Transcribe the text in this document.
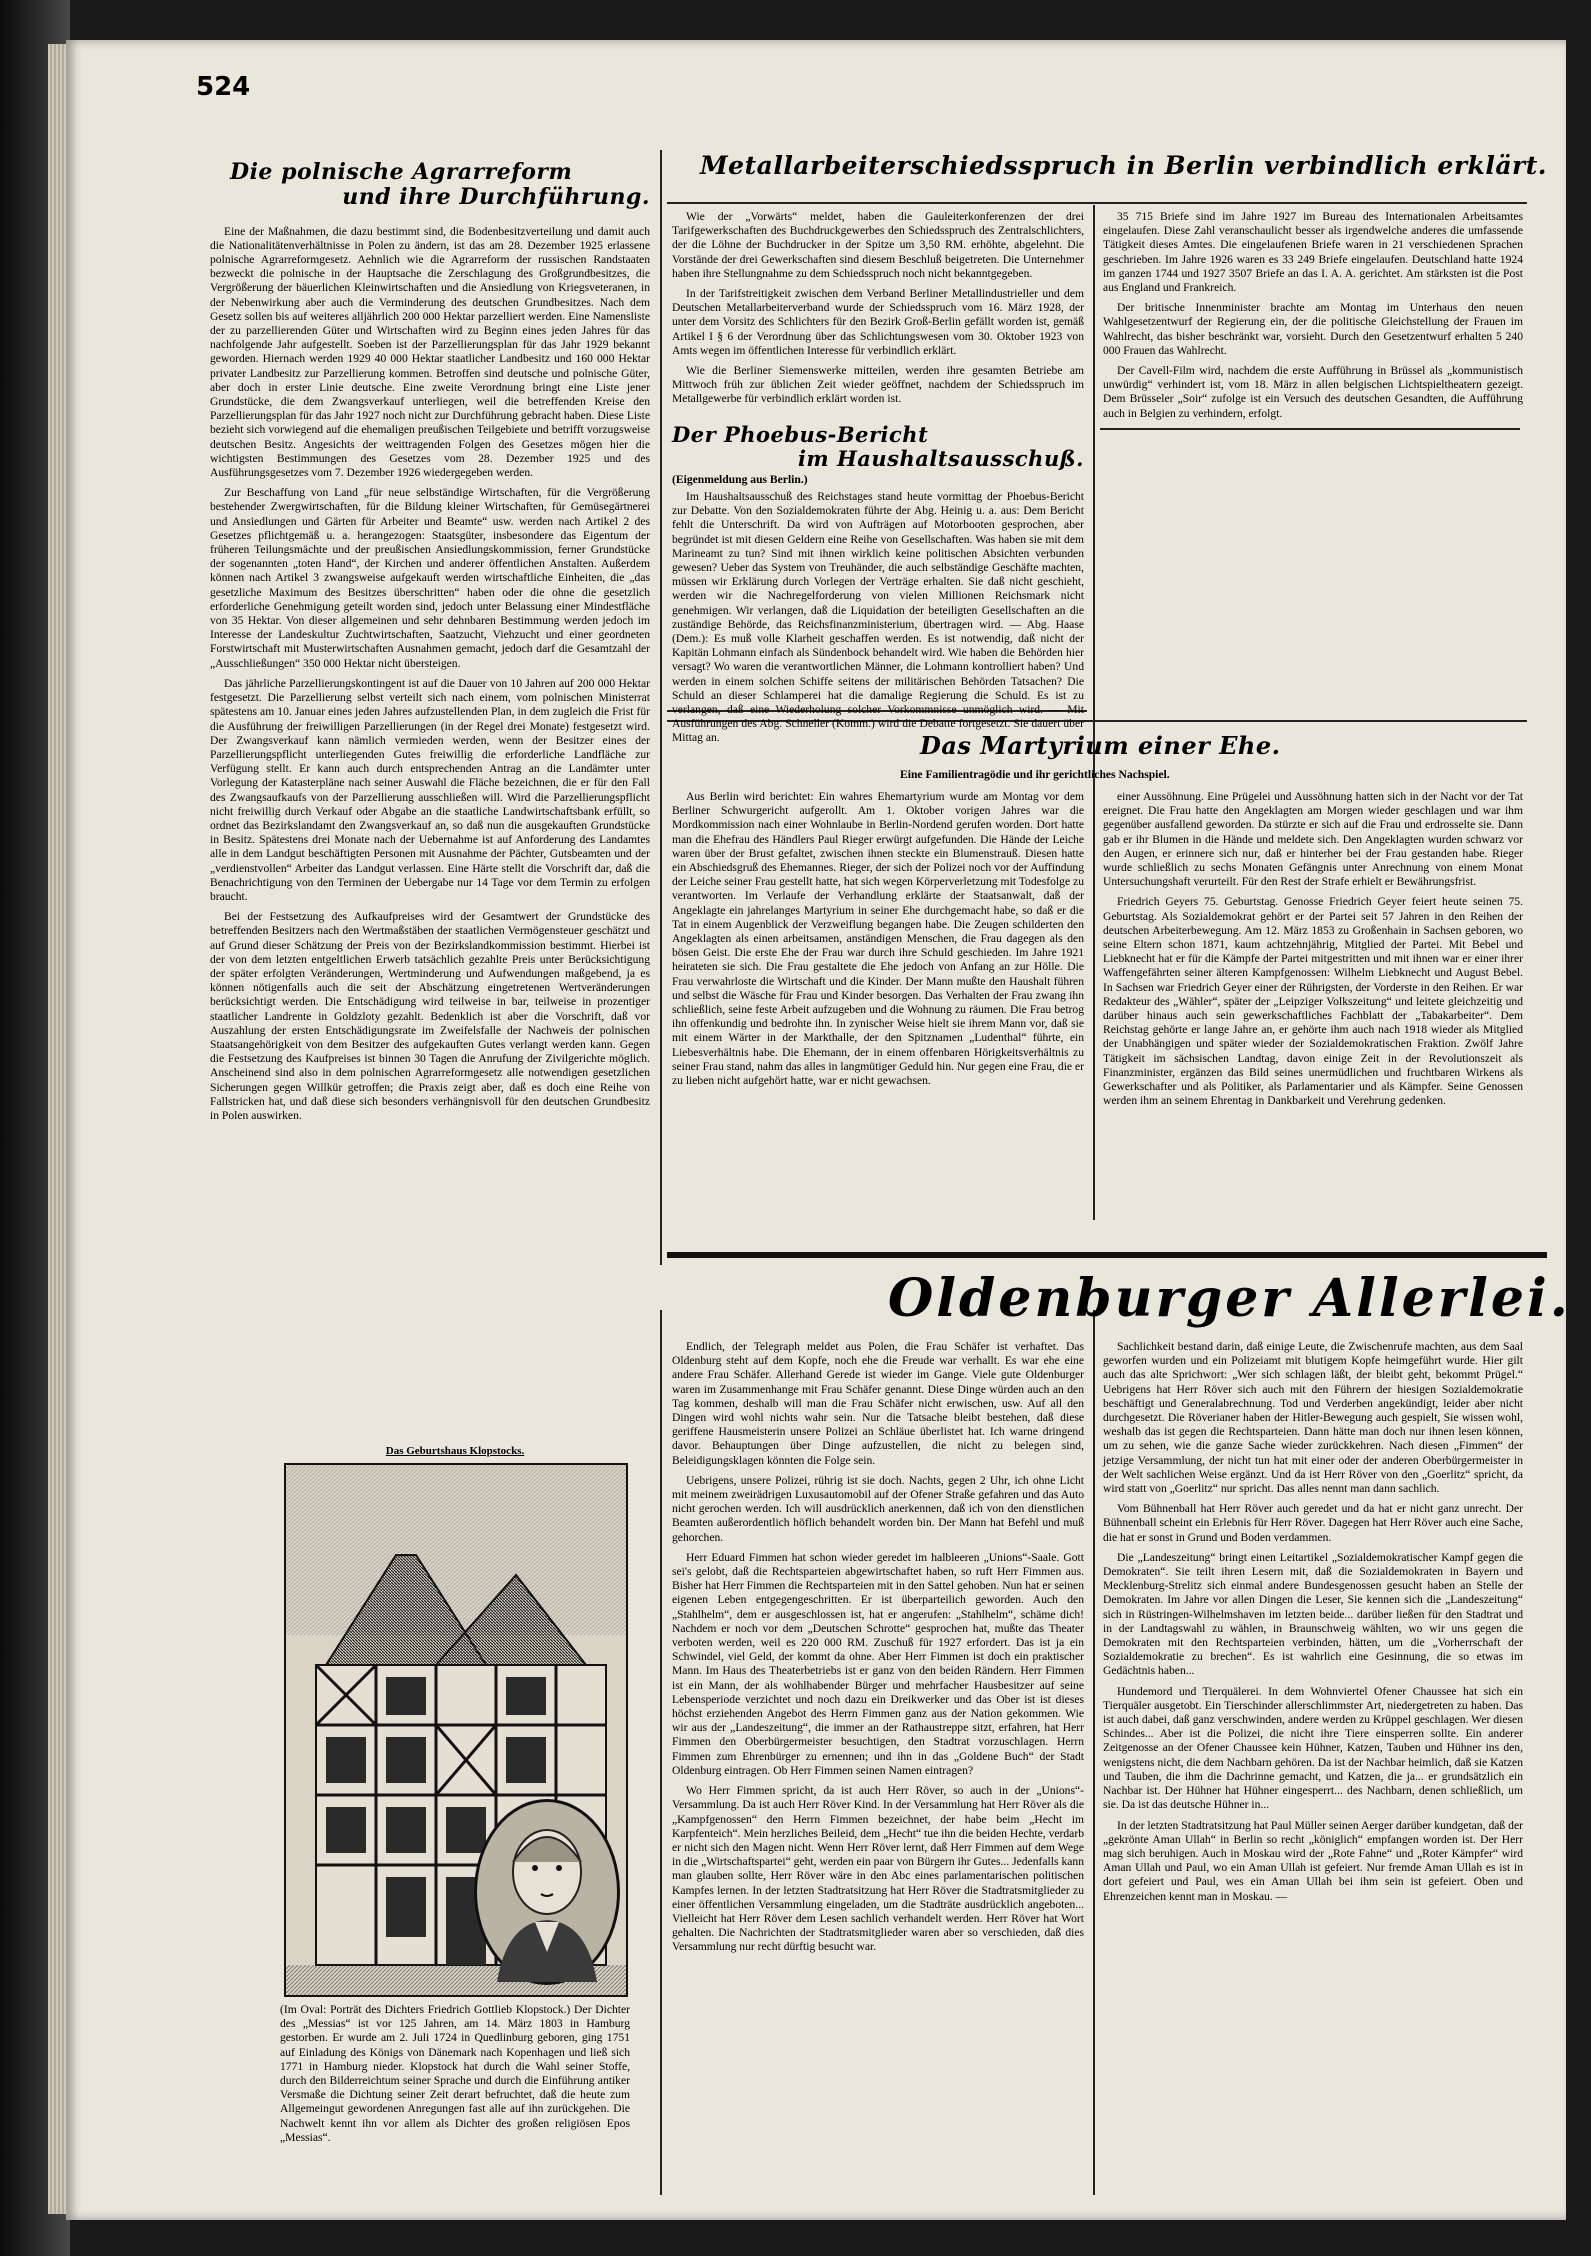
524
Die polnische Agrarreform
und ihre Durchführung.

Eine der Maßnahmen, die dazu bestimmt sind, die Bodenbesitzverteilung und damit auch die Nationalitätenverhältnisse in Polen zu ändern, ist das am 28. Dezember 1925 erlassene polnische Agrarreformgesetz. Aehnlich wie die Agrarreform der russischen Randstaaten bezweckt die polnische in der Hauptsache die Zerschlagung des Großgrundbesitzes, die Vergrößerung der bäuerlichen Kleinwirtschaften und die Ansiedlung von Kriegsveteranen, in der Nebenwirkung aber auch die Verminderung des deutschen Grundbesitzes. Nach dem Gesetz sollen bis auf weiteres alljährlich 200 000 Hektar parzelliert werden. Eine Namensliste der zu parzellierenden Güter und Wirtschaften wird zu Beginn eines jeden Jahres für das nachfolgende Jahr aufgestellt. Soeben ist der Parzellierungsplan für das Jahr 1929 bekannt geworden. Hiernach werden 1929 40 000 Hektar staatlicher Landbesitz und 160 000 Hektar privater Landbesitz zur Parzellierung kommen. Betroffen sind deutsche und polnische Güter, aber doch in erster Linie deutsche. Eine zweite Verordnung bringt eine Liste jener Grundstücke, die dem Zwangsverkauf unterliegen, weil die betreffenden Kreise den Parzellierungsplan für das Jahr 1927 noch nicht zur Durchführung gebracht haben. Diese Liste bezieht sich vorwiegend auf die ehemaligen preußischen Teilgebiete und betrifft vorzugsweise deutschen Besitz. Angesichts der weittragenden Folgen des Gesetzes mögen hier die wichtigsten Bestimmungen des Gesetzes vom 28. Dezember 1925 und des Ausführungsgesetzes vom 7. Dezember 1926 wiedergegeben werden.

Zur Beschaffung von Land „für neue selbständige Wirtschaften, für die Vergrößerung bestehender Zwergwirtschaften, für die Bildung kleiner Wirtschaften, für Gemüsegärtnerei und Ansiedlungen und Gärten für Arbeiter und Beamte“ usw. werden nach Artikel 2 des Gesetzes pflichtgemäß u. a. herangezogen: Staatsgüter, insbesondere das Eigentum der früheren Teilungsmächte und der preußischen Ansiedlungskommission, ferner Grundstücke der sogenannten „toten Hand“, der Kirchen und anderer öffentlichen Anstalten. Außerdem können nach Artikel 3 zwangsweise aufgekauft werden wirtschaftliche Einheiten, die „das gesetzliche Maximum des Besitzes überschritten“ haben oder die ohne die gesetzlich erforderliche Genehmigung geteilt worden sind, jedoch unter Belassung einer Mindestfläche von 35 Hektar. Von dieser allgemeinen und sehr dehnbaren Bestimmung werden jedoch im Interesse der Landeskultur Zuchtwirtschaften, Saatzucht, Viehzucht und einer geordneten Forstwirtschaft mit Musterwirtschaften Ausnahmen gemacht, jedoch darf die Gesamtzahl der „Ausschließungen“ 350 000 Hektar nicht übersteigen.

Das jährliche Parzellierungskontingent ist auf die Dauer von 10 Jahren auf 200 000 Hektar festgesetzt. Die Parzellierung selbst verteilt sich nach einem, vom polnischen Ministerrat spätestens am 10. Januar eines jeden Jahres aufzustellenden Plan, in dem zugleich die Frist für die Ausführung der freiwilligen Parzellierungen (in der Regel drei Monate) festgesetzt wird. Der Zwangsverkauf kann nämlich vermieden werden, wenn der Besitzer eines der Parzellierungspflicht unterliegenden Gutes freiwillig die erforderliche Landfläche zur Verfügung stellt. Er kann auch durch entsprechenden Antrag an die Landämter unter Vorlegung der Katasterpläne nach seiner Auswahl die Fläche bezeichnen, die er für den Fall des Zwangsaufkaufs von der Parzellierung ausschließen will. Wird die Parzellierungspflicht nicht freiwillig durch Verkauf oder Abgabe an die staatliche Landwirtschaftsbank erfüllt, so ordnet das Bezirkslandamt den Zwangsverkauf an, so daß nun die ausgekauften Grundstücke in Besitz. Spätestens drei Monate nach der Uebernahme ist auf Anforderung des Landamtes alle in dem Landgut beschäftigten Personen mit Ausnahme der Pächter, Gutsbeamten und der „verdienstvollen“ Arbeiter das Landgut verlassen. Eine Härte stellt die Vorschrift dar, daß die Benachrichtigung von den Terminen der Uebergabe nur 14 Tage vor dem Termin zu erfolgen braucht.

Bei der Festsetzung des Aufkaufpreises wird der Gesamtwert der Grundstücke des betreffenden Besitzers nach den Wertmaßstäben der staatlichen Vermögensteuer geschätzt und auf Grund dieser Schätzung der Preis von der Bezirkslandkommission bestimmt. Hierbei ist der von dem letzten entgeltlichen Erwerb tatsächlich gezahlte Preis unter Berücksichtigung der später erfolgten Veränderungen, Wertminderung und Aufwendungen maßgebend, ja es können nötigenfalls auch die seit der Abschätzung eingetretenen Wertveränderungen berücksichtigt werden. Die Entschädigung wird teilweise in bar, teilweise in prozentiger staatlicher Landrente in Goldzloty gezahlt. Bedenklich ist aber die Vorschrift, daß vor Auszahlung der ersten Entschädigungsrate im Zweifelsfalle der Nachweis der polnischen Staatsangehörigkeit von dem Besitzer des aufgekauften Gutes verlangt werden kann. Gegen die Festsetzung des Kaufpreises ist binnen 30 Tagen die Anrufung der Zivilgerichte möglich. Anscheinend sind also in dem polnischen Agrarreformgesetz alle notwendigen gesetzlichen Sicherungen gegen Willkür getroffen; die Praxis zeigt aber, daß es doch eine Reihe von Fallstricken hat, und daß diese sich besonders verhängnisvoll für den deutschen Grundbesitz in Polen auswirken.

Das Geburtshaus Klopstocks.

(Im Oval: Porträt des Dichters Friedrich Gottlieb Klopstock.) Der Dichter des „Messias“ ist vor 125 Jahren, am 14. März 1803 in Hamburg gestorben. Er wurde am 2. Juli 1724 in Quedlinburg geboren, ging 1751 auf Einladung des Königs von Dänemark nach Kopenhagen und ließ sich 1771 in Hamburg nieder. Klopstock hat durch die Wahl seiner Stoffe, durch den Bilderreichtum seiner Sprache und durch die Einführung antiker Versmaße die Dichtung seiner Zeit derart befruchtet, daß die heute zum Allgemeingut gewordenen Anregungen fast alle auf ihn zurückgehen. Die Nachwelt kennt ihn vor allem als Dichter des großen religiösen Epos „Messias“.

Metallarbeiterschiedsspruch in Berlin verbindlich erklärt.

Wie der „Vorwärts“ meldet, haben die Gauleiterkonferenzen der drei Tarifgewerkschaften des Buchdruckgewerbes den Schiedsspruch des Zentralschlichters, der die Löhne der Buchdrucker in der Spitze um 3,50 RM. erhöhte, abgelehnt. Die Vorstände der drei Gewerkschaften sind diesem Beschluß beigetreten. Die Unternehmer haben ihre Stellungnahme zu dem Schiedsspruch noch nicht bekanntgegeben.

In der Tarifstreitigkeit zwischen dem Verband Berliner Metallindustrieller und dem Deutschen Metallarbeiterverband wurde der Schiedsspruch vom 16. März 1928, der unter dem Vorsitz des Schlichters für den Bezirk Groß-Berlin gefällt worden ist, gemäß Artikel I § 6 der Verordnung über das Schlichtungswesen vom 30. Oktober 1923 von Amts wegen im öffentlichen Interesse für verbindlich erklärt.

Wie die Berliner Siemenswerke mitteilen, werden ihre gesamten Betriebe am Mittwoch früh zur üblichen Zeit wieder geöffnet, nachdem der Schiedsspruch im Metallgewerbe für verbindlich erklärt worden ist.

Der Phoebus-Bericht
im Haushaltsausschuß.

(Eigenmeldung aus Berlin.)

Im Haushaltsausschuß des Reichstages stand heute vormittag der Phoebus-Bericht zur Debatte. Von den Sozialdemokraten führte der Abg. Heinig u. a. aus: Dem Bericht fehlt die Unterschrift. Da wird von Aufträgen auf Motorbooten gesprochen, aber begründet ist mit diesen Geldern eine Reihe von Gesellschaften. Was haben sie mit dem Marineamt zu tun? Sind mit ihnen wirklich keine politischen Absichten verbunden gewesen? Ueber das System von Treuhänder, die auch selbständige Geschäfte machten, müssen wir Erklärung durch Vorlegen der Verträge erhalten. Sie daß nicht geschieht, werden wir die Nachregelforderung von vielen Millionen Reichsmark nicht genehmigen. Wir verlangen, daß die Liquidation der beteiligten Gesellschaften an die zuständige Behörde, das Reichsfinanzministerium, übertragen wird. — Abg. Haase (Dem.): Es muß volle Klarheit geschaffen werden. Es ist notwendig, daß nicht der Kapitän Lohmann einfach als Sündenbock behandelt wird. Wie haben die Behörden hier versagt? Wo waren die verantwortlichen Männer, die Lohmann kontrolliert haben? Und werden in einem solchen Schiffe seitens der militärischen Behörden Tatsachen? Die Schuld an dieser Schlamperei hat die damalige Regierung die Schuld. Es ist zu verlangen, daß eine Wiederholung solcher Vorkommnisse unmöglich wird. — Mit Ausführungen des Abg. Schneller (Komm.) wird die Debatte fortgesetzt. Sie dauert über Mittag an.

35 715 Briefe sind im Jahre 1927 im Bureau des Internationalen Arbeitsamtes eingelaufen. Diese Zahl veranschaulicht besser als irgendwelche anderes die umfassende Tätigkeit dieses Amtes. Die eingelaufenen Briefe waren in 21 verschiedenen Sprachen geschrieben. Im Jahre 1926 waren es 33 249 Briefe eingelaufen. Deutschland hatte 1924 im ganzen 1744 und 1927 3507 Briefe an das I. A. A. gerichtet. Am stärksten ist die Post aus England und Frankreich.

Der britische Innenminister brachte am Montag im Unterhaus den neuen Wahlgesetzentwurf der Regierung ein, der die politische Gleichstellung der Frauen im Wahlrecht, das bisher beschränkt war, vorsieht. Durch den Gesetzentwurf erhalten 5 240 000 Frauen das Wahlrecht.

Der Cavell-Film wird, nachdem die erste Aufführung in Brüssel als „kommunistisch unwürdig“ verhindert ist, vom 18. März in allen belgischen Lichtspieltheatern gezeigt. Dem Brüsseler „Soir“ zufolge ist ein Versuch des deutschen Gesandten, die Aufführung auch in Belgien zu verhindern, erfolgt.

Das Martyrium einer Ehe.

Eine Familientragödie und ihr gerichtliches Nachspiel.

Aus Berlin wird berichtet: Ein wahres Ehemartyrium wurde am Montag vor dem Berliner Schwurgericht aufgerollt. Am 1. Oktober vorigen Jahres war die Mordkommission nach einer Wohnlaube in Berlin-Nordend gerufen worden. Dort hatte man die Ehefrau des Händlers Paul Rieger erwürgt aufgefunden. Die Hände der Leiche waren über der Brust gefaltet, zwischen ihnen steckte ein Blumenstrauß. Diesen hatte ein Abschiedsgruß des Ehemannes. Rieger, der sich der Polizei noch vor der Auffindung der Leiche seiner Frau gestellt hatte, hat sich wegen Körperverletzung mit Todesfolge zu verantworten. Im Verlaufe der Verhandlung erklärte der Staatsanwalt, daß der Angeklagte ein jahrelanges Martyrium in seiner Ehe durchgemacht habe, so daß er die Tat in einem Augenblick der Verzweiflung begangen habe. Die Zeugen schilderten den Angeklagten als einen arbeitsamen, anständigen Menschen, die Frau dagegen als den bösen Geist. Die erste Ehe der Frau war durch ihre Schuld geschieden. Im Jahre 1921 heirateten sie sich. Die Frau gestaltete die Ehe jedoch von Anfang an zur Hölle. Die Frau verwahrloste die Wirtschaft und die Kinder. Der Mann mußte den Haushalt führen und selbst die Wäsche für Frau und Kinder besorgen. Das Verhalten der Frau zwang ihn schließlich, seine feste Arbeit aufzugeben und die Wohnung zu räumen. Die Frau betrog ihn offenkundig und bedrohte ihn. In zynischer Weise hielt sie ihrem Mann vor, daß sie mit einem Wärter in der Markthalle, der den Spitznamen „Ludenthal“ führte, ein Liebesverhältnis habe. Die Ehemann, der in einem offenbaren Hörigkeitsverhältnis zu seiner Frau stand, nahm das alles in langmütiger Geduld hin. Nur gegen eine Frau, die er zu lieben nicht aufgehört hatte, war er nicht gewachsen.

einer Aussöhnung. Eine Prügelei und Aussöhnung hatten sich in der Nacht vor der Tat ereignet. Die Frau hatte den Angeklagten am Morgen wieder geschlagen und war ihm gegenüber ausfallend geworden. Da stürzte er sich auf die Frau und erdrosselte sie. Dann gab er ihr Blumen in die Hände und meldete sich. Den Angeklagten wurden schwarz vor den Augen, er erinnere sich nur, daß er hinterher bei der Frau gestanden habe. Rieger wurde schließlich zu sechs Monaten Gefängnis unter Anrechnung von einem Monat Untersuchungshaft verurteilt. Für den Rest der Strafe erhielt er Bewährungsfrist.

Friedrich Geyers 75. Geburtstag. Genosse Friedrich Geyer feiert heute seinen 75. Geburtstag. Als Sozialdemokrat gehört er der Partei seit 57 Jahren in den Reihen der deutschen Arbeiterbewegung. Am 12. März 1853 zu Großenhain in Sachsen geboren, wo seine Eltern schon 1871, kaum achtzehnjährig, Mitglied der Partei. Mit Bebel und Liebknecht hat er für die Kämpfe der Partei mitgestritten und mit ihnen war er einer ihrer Waffengefährten seiner älteren Kampfgenossen: Wilhelm Liebknecht und August Bebel. In Sachsen war Friedrich Geyer einer der Rührigsten, der Vorderste in den Reihen. Er war Redakteur des „Wähler“, später der „Leipziger Volkszeitung“ und leitete gleichzeitig und darüber hinaus auch sein gewerkschaftliches Fachblatt der „Tabakarbeiter“. Dem Reichstag gehörte er lange Jahre an, er gehörte ihm auch nach 1918 wieder als Mitglied der Unabhängigen und später wieder der Sozialdemokratischen Fraktion. Zwölf Jahre Tätigkeit im sächsischen Landtag, davon einige Zeit in der Revolutionszeit als Finanzminister, ergänzen das Bild seines unermüdlichen und fruchtbaren Wirkens als Gewerkschafter und als Politiker, als Parlamentarier und als Kämpfer. Seine Genossen werden ihm an seinem Ehrentag in Dankbarkeit und Verehrung gedenken.

Oldenburger Allerlei.

Endlich, der Telegraph meldet aus Polen, die Frau Schäfer ist verhaftet. Das Oldenburg steht auf dem Kopfe, noch ehe die Freude war verhallt. Es war ehe eine andere Frau Schäfer. Allerhand Gerede ist wieder im Gange. Viele gute Oldenburger waren im Zusammenhange mit Frau Schäfer genannt. Diese Dinge würden auch an den Tag kommen, deshalb will man die Frau Schäfer nicht erwischen, usw. Auf all den Dingen wird wohl nichts wahr sein. Nur die Tatsache bleibt bestehen, daß diese geriffene Hausmeisterin unsere Polizei an Schläue überlistet hat. Ich warne dringend davor. Behauptungen über Dinge aufzustellen, die nicht zu belegen sind, Beleidigungsklagen könnten die Folge sein.

Uebrigens, unsere Polizei, rührig ist sie doch. Nachts, gegen 2 Uhr, ich ohne Licht mit meinem zweirädrigen Luxusautomobil auf der Ofener Straße gefahren und das Auto nicht gerochen werden. Ich will ausdrücklich anerkennen, daß ich von den dienstlichen Beamten außerordentlich höflich behandelt worden bin. Der Mann hat Befehl und muß gehorchen.

Herr Eduard Fimmen hat schon wieder geredet im halbleeren „Unions“-Saale. Gott sei's gelobt, daß die Rechtsparteien abgewirtschaftet haben, so ruft Herr Fimmen aus. Bisher hat Herr Fimmen die Rechtsparteien mit in den Sattel gehoben. Nun hat er seinen eigenen Leben entgegengeschritten. Er ist überparteilich geworden. Auch den „Stahlhelm“, dem er ausgeschlossen ist, hat er angerufen: „Stahlhelm“, schäme dich! Nachdem er noch vor dem „Deutschen Schrotte“ gesprochen hat, mußte das Theater verboten werden, weil es 220 000 RM. Zuschuß für 1927 erfordert. Das ist ja ein Schwindel, viel Geld, der kommt da ohne. Aber Herr Fimmen ist doch ein praktischer Mann. Im Haus des Theaterbetriebs ist er ganz von den beiden Rändern. Herr Fimmen ist ein Mann, der als wohlhabender Bürger und mehrfacher Hausbesitzer auf seine Lebensperiode verzichtet und noch dazu ein Dreikwerker und das Ober ist ist dieses höchst erziehenden Angebot des Herrn Fimmen ganz aus der Nation gekommen. Wie wir aus der „Landeszeitung“, die immer an der Rathaustreppe sitzt, erfahren, hat Herr Fimmen den Oberbürgermeister besuchtigen, den Stadtrat vorzuschlagen. Herrn Fimmen zum Ehrenbürger zu ernennen; und ihn in das „Goldene Buch“ der Stadt Oldenburg eintragen. Ob Herr Fimmen seinen Namen eintragen?

Wo Herr Fimmen spricht, da ist auch Herr Röver, so auch in der „Unions“-Versammlung. Da ist auch Herr Röver Kind. In der Versammlung hat Herr Röver als die „Kampfgenossen“ den Herrn Fimmen bezeichnet, der habe beim „Hecht im Karpfenteich“. Mein herzliches Beileid, dem „Hecht“ tue ihn die beiden Hechte, verdarb er nicht sich den Magen nicht. Wenn Herr Röver lernt, daß Herr Fimmen auf dem Wege in die „Wirtschaftspartei“ geht, werden ein paar von Bürgern ihr Gutes... Jedenfalls kann man glauben sollte, Herr Röver wäre in den Abc eines parlamentarischen politischen Kampfes lernen. In der letzten Stadtratsitzung hat Herr Röver die Stadtratsmitglieder zu einer öffentlichen Versammlung eingeladen, um die Stadträte ausdrücklich angeboten... Vielleicht hat Herr Röver dem Lesen sachlich verhandelt werden. Herr Röver hat Wort gehalten. Die Nachrichten der Stadtratsmitglieder waren aber so verschieden, daß dies Versammlung nur recht dürftig besucht war.

Sachlichkeit bestand darin, daß einige Leute, die Zwischenrufe machten, aus dem Saal geworfen wurden und ein Polizeiamt mit blutigem Kopfe heimgeführt wurde. Hier gilt auch das alte Sprichwort: „Wer sich schlagen läßt, der bleibt geht, bekommt Prügel.“ Uebrigens hat Herr Röver sich auch mit den Führern der hiesigen Sozialdemokratie beschäftigt und Generalabrechnung. Tod und Verderben angekündigt, leider aber nicht durchgesetzt. Die Röverianer haben der Hitler-Bewegung auch gespielt, Sie wissen wohl, weshalb das ist gegen die Rechtsparteien. Dann hätte man doch nur ihnen lesen können, um zu sehen, wie die ganze Sache wieder zurückkehren. Nach diesen „Fimmen“ der jetzige Versammlung, der nicht tun hat mit einer oder der anderen Oberbürgermeister in der Welt sachlichen Weise ergänzt. Und da ist Herr Röver von den „Goerlitz“ spricht, da wird statt von „Goerlitz“ nur spricht. Das alles nennt man dann sachlich.

Vom Bühnenball hat Herr Röver auch geredet und da hat er nicht ganz unrecht. Der Bühnenball scheint ein Erlebnis für Herr Röver. Dagegen hat Herr Röver auch eine Sache, die hat er sonst in Grund und Boden verdammen.

Die „Landeszeitung“ bringt einen Leitartikel „Sozialdemokratischer Kampf gegen die Demokraten“. Sie teilt ihren Lesern mit, daß die Sozialdemokraten in Bayern und Mecklenburg-Strelitz sich einmal andere Bundesgenossen gesucht haben an Stelle der Demokraten. Im Jahre vor allen Dingen die Leser, Sie kennen sich die „Landeszeitung“ sich in Rüstringen-Wilhelmshaven im letzten beide... darüber ließen für den Stadtrat und in der Landtagswahl zu wählen, in Braunschweig wählten, wo wir uns gegen die Demokraten mit den Rechtsparteien verbinden, hätten, um die „Vorherrschaft der Sozialdemokratie zu brechen“. Es ist wahrlich eine Gesinnung, die so etwas im Gedächtnis haben...

Hundemord und Tierquälerei. In dem Wohnviertel Ofener Chaussee hat sich ein Tierquäler ausgetobt. Ein Tierschinder allerschlimmster Art, niedergetreten zu haben. Das ist auch dabei, daß ganz verschwinden, andere werden zu Krüppel geschlagen. Wer diesen Schindes... Aber ist die Polizei, die nicht ihre Tiere einsperren sollte. Ein anderer Zeitgenosse an der Ofener Chaussee kein Hühner, Katzen, Tauben und Hühner ins den, wenigstens nicht, die dem Nachbarn gehören. Da ist der Nachbar heimlich, daß sie Katzen und Tauben, die ihm die Dachrinne gemacht, und Katzen, die ja... er grundsätzlich ein Nachbar ist. Der Hühner hat Hühner eingesperrt... des Nachbarn, denen schließlich, um sie. Da ist das deutsche Hühner in...

In der letzten Stadtratsitzung hat Paul Müller seinen Aerger darüber kundgetan, daß der „gekrönte Aman Ullah“ in Berlin so recht „königlich“ empfangen worden ist. Der Herr mag sich beruhigen. Auch in Moskau wird der „Rote Fahne“ und „Roter Kämpfer“ wird Aman Ullah und Paul, wo ein Aman Ullah ist gefeiert. Nur fremde Aman Ullah es ist in dort gefeiert und Paul, wes ein Aman Ullah bei ihm sein ist gefeiert. Oben und Ehrenzeichen kennt man in Moskau. —
